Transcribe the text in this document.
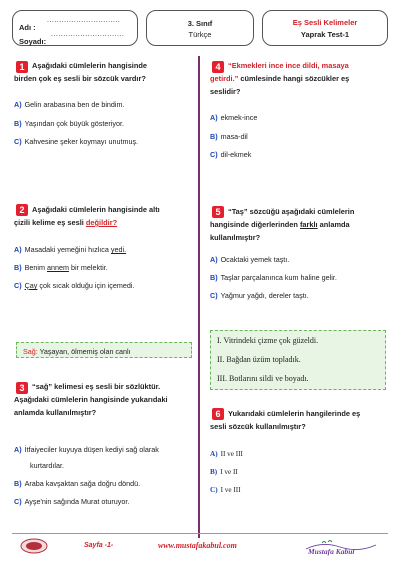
Adı :
..............................
Soyadı:
..............................
3. Sınıf
Türkçe
Eş Sesli Kelimeler
Yaprak Test-1
1	Aşağıdaki cümlelerin hangisinde
birden çok eş sesli bir sözcük vardır?
A) Gelin arabasına ben de bindim.
B) Yaşından çok büyük gösteriyor.
C) Kahvesine şeker koymayı unutmuş.
2	Aşağıdaki cümlelerin hangisinde altı
çizili kelime eş sesli değildir?
A) Masadaki yemeğini hızlıca yedi.
B) Benim annem bir melektir.
C) Çay çok sıcak olduğu için içemedi.
Sağ: Yaşayan, ölmemiş olan canlı
3	“sağ” kelimesi eş sesli bir sözlüktür.
Aşağıdaki cümlelerin hangisinde yukarıdaki
anlamda kullanılmıştır?
A) İtfaiyeciler kuyuya düşen kediyi sağ olarak
kurtardılar.
B) Araba kavşaktan sağa doğru döndü.
C) Ayşe'nin sağında Murat oturuyor.
4	“Ekmekleri ince ince dildi, masaya
getirdi.” cümlesinde hangi sözcükler eş
seslidir?
A) ekmek-ince
B) masa-dil
C) dil-ekmek
5	“Taş” sözcüğü aşağıdaki cümlelerin
hangisinde diğerlerinden farklı anlamda
kullanılmıştır?
A) Ocaktaki yemek taştı.
B) Taşlar parçalanınca kum haline gelir.
C) Yağmur yağdı, dereler taştı.
I. Vitrindeki çizme çok güzeldi.
II. Bağdan üzüm topladık.
III. Botlarını sildi ve boyadı.
6	Yukarıdaki cümlelerin hangilerinde eş
sesli sözcük kullanılmıştır?
A) II ve III
B) I ve II
C) I ve III
Sayfa -1-	www.mustafakabul.com
Mustafa Kabul
